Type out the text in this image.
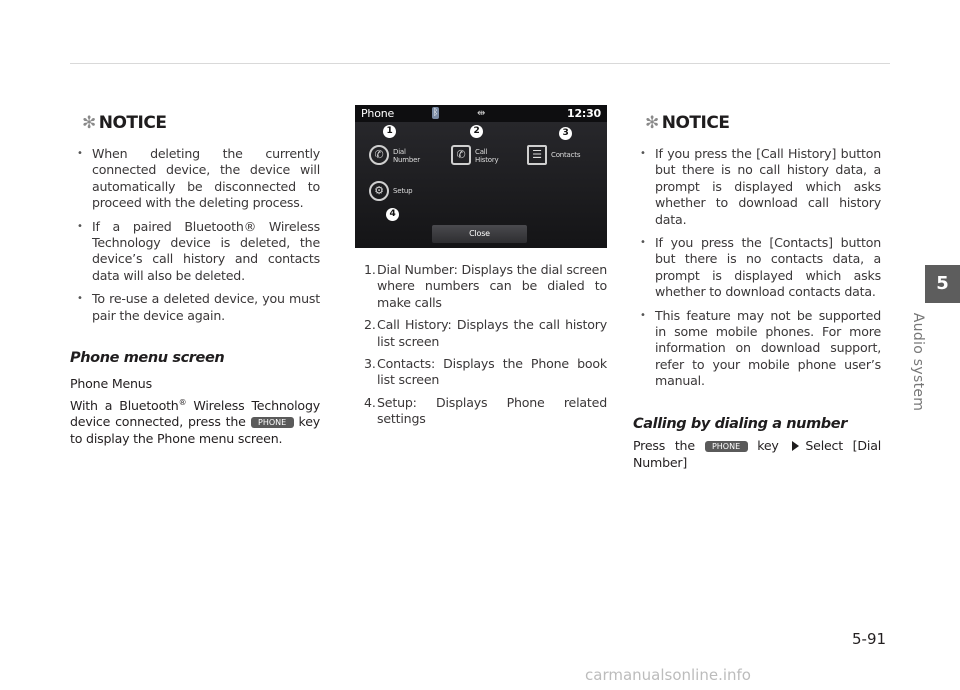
✻ NOTICE
• When deleting the currently connected device, the device will automatically be disconnected to proceed with the deleting process.
• If a paired Bluetooth® Wireless Technology device is deleted, the device’s call history and contacts data will also be deleted.
• To re-use a deleted device, you must pair the device again.
Phone menu screen
Phone Menus
With a Bluetooth® Wireless Technology device connected, press the PHONE key to display the Phone menu screen.
Phone	ᛒ	⇹	12:30
1	2	3
4
✆	Dial
Number	✆	Call
History	☰	Contacts
⚙	Setup
Close
1. Dial Number: Displays the dial screen where numbers can be dialed to make calls
2. Call History: Displays the call history list screen
3. Contacts: Displays the Phone book list screen
4. Setup: Displays Phone related settings
✻ NOTICE
• If you press the [Call History] button but there is no call history data, a prompt is displayed which asks whether to download call history data.
• If you press the [Contacts] button but there is no contacts data, a prompt is displayed which asks whether to download contacts data.
• This feature may not be supported in some mobile phones. For more information on download support, refer to your mobile phone user’s manual.
Calling by dialing a number
Press the PHONE key Select [Dial Number]
5
Audio system
5-91
carmanualsonline.info
